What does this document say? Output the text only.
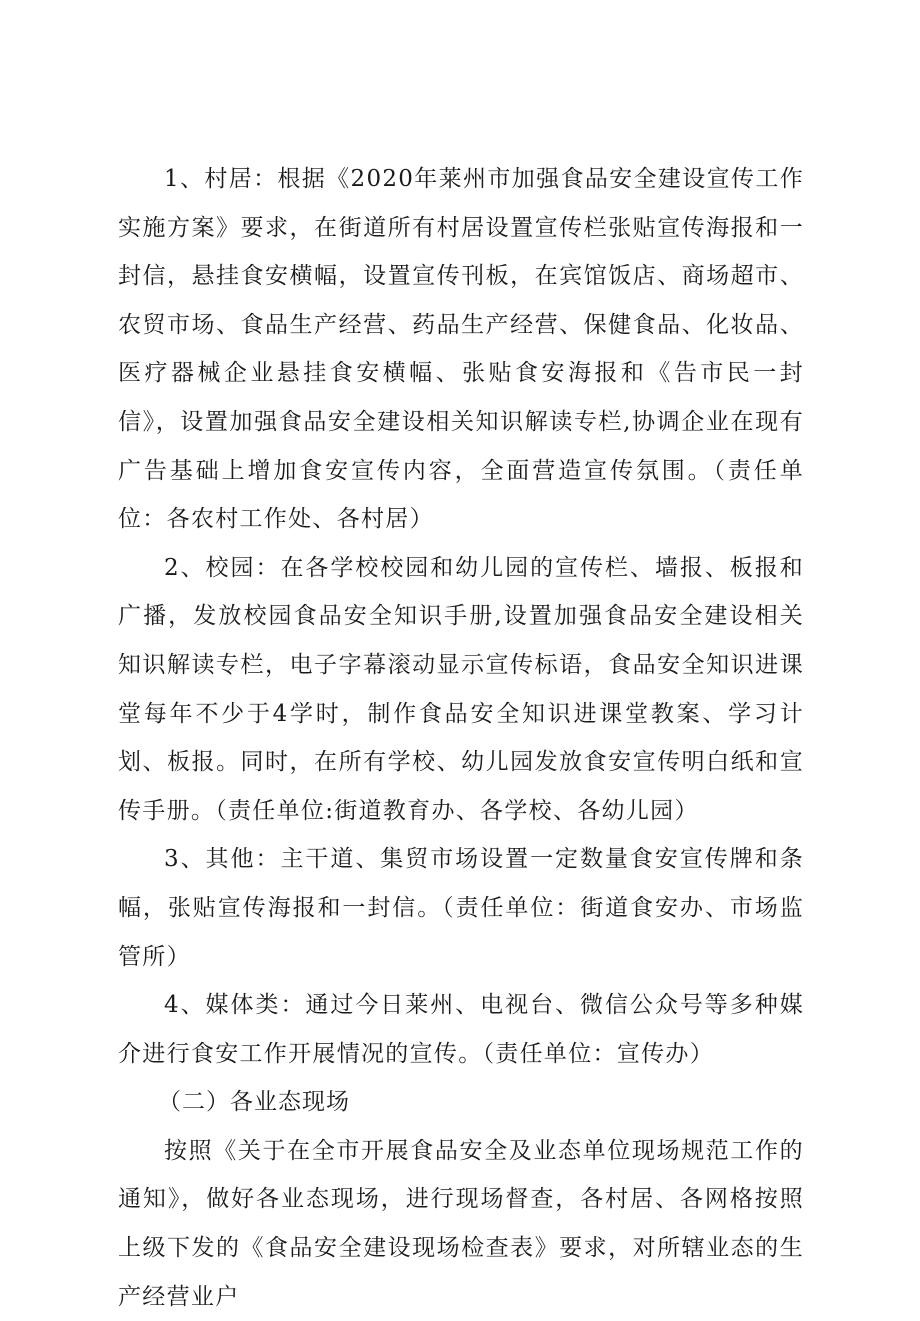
1、村居：根据《2020年莱州市加强食品安全建设宣传工作实施方案》要求，在街道所有村居设置宣传栏张贴宣传海报和一封信，悬挂食安横幅，设置宣传刊板，在宾馆饭店、商场超市、农贸市场、食品生产经营、药品生产经营、保健食品、化妆品、医疗器械企业悬挂食安横幅、张贴食安海报和《告市民一封信》，设置加强食品安全建设相关知识解读专栏,协调企业在现有广告基础上增加食安宣传内容，全面营造宣传氛围。（责任单位：各农村工作处、各村居）

2、校园：在各学校校园和幼儿园的宣传栏、墙报、板报和广播，发放校园食品安全知识手册,设置加强食品安全建设相关知识解读专栏，电子字幕滚动显示宣传标语，食品安全知识进课堂每年不少于4学时，制作食品安全知识进课堂教案、学习计划、板报。同时，在所有学校、幼儿园发放食安宣传明白纸和宣传手册。（责任单位:街道教育办、各学校、各幼儿园）

3、其他：主干道、集贸市场设置一定数量食安宣传牌和条幅，张贴宣传海报和一封信。（责任单位：街道食安办、市场监管所）

4、媒体类：通过今日莱州、电视台、微信公众号等多种媒介进行食安工作开展情况的宣传。（责任单位：宣传办）

（二）各业态现场

按照《关于在全市开展食品安全及业态单位现场规范工作的通知》，做好各业态现场，进行现场督查，各村居、各网格按照上级下发的《食品安全建设现场检查表》要求，对所辖业态的生产经营业户
